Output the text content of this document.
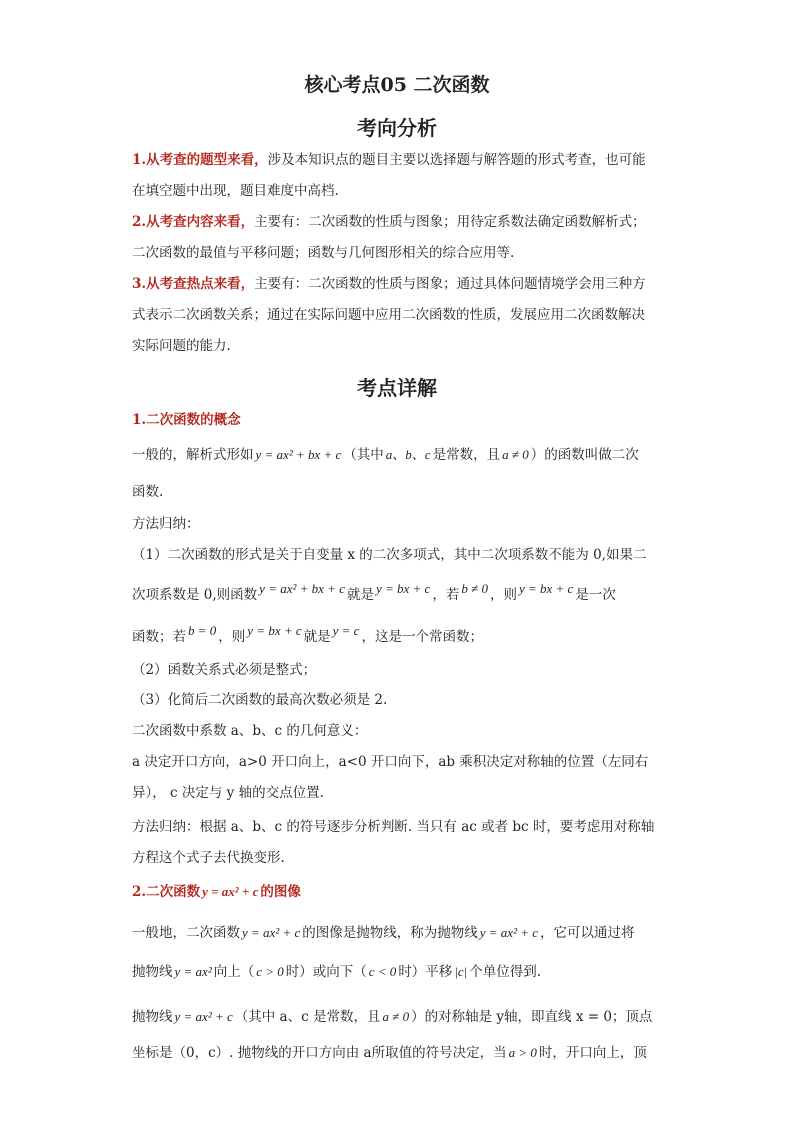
核心考点05 二次函数
考向分析
1.从考查的题型来看，涉及本知识点的题目主要以选择题与解答题的形式考查，也可能
在填空题中出现，题目难度中高档.
2.从考查内容来看，主要有：二次函数的性质与图象；用待定系数法确定函数解析式；
二次函数的最值与平移问题；函数与几何图形相关的综合应用等.
3.从考查热点来看，主要有：二次函数的性质与图象；通过具体问题情境学会用三种方
式表示二次函数关系；通过在实际问题中应用二次函数的性质，发展应用二次函数解决
实际问题的能力.
考点详解
1.二次函数的概念
一般的，解析式形如 y = ax² + bx + c （其中 a、b、c 是常数，且 a ≠ 0 ）的函数叫做二次
函数.
方法归纳：
（1）二次函数的形式是关于自变量 x 的二次多项式，其中二次项系数不能为 0,如果二
次项系数是 0,则函数 y = ax² + bx + c 就是 y = bx + c ，若 b ≠ 0 ，则 y = bx + c 是一次
函数；若 b = 0 ，则 y = bx + c 就是 y = c ，这是一个常函数；
（2）函数关系式必须是整式；
（3）化简后二次函数的最高次数必须是 2.
二次函数中系数 a、b、c 的几何意义：
a 决定开口方向，a>0 开口向上，a<0 开口向下，ab 乘积决定对称轴的位置（左同右
异）， c 决定与 y 轴的交点位置.
方法归纳：根据 a、b、c 的符号逐步分析判断. 当只有 ac 或者 bc 时，要考虑用对称轴
方程这个式子去代换变形.
2.二次函数 y = ax² + c 的图像
一般地，二次函数 y = ax² + c 的图像是抛物线，称为抛物线 y = ax² + c ，它可以通过将
抛物线 y = ax² 向上（ c > 0 时）或向下（ c < 0 时）平移 |c| 个单位得到.
抛物线 y = ax² + c （其中 a、c 是常数，且 a ≠ 0 ）的对称轴是 y轴，即直线 x = 0；顶点
坐标是（0，c）. 抛物线的开口方向由 a所取值的符号决定，当 a > 0 时，开口向上，顶
